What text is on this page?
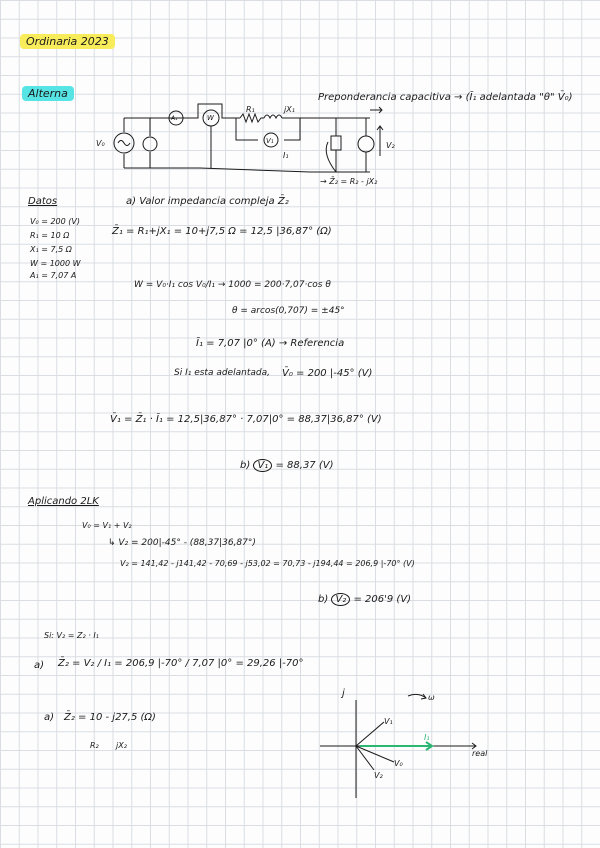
Ordinaria 2023
Alterna	Preponderancia capacitiva → (Ī₁ adelantada "θ" V̄₀)
V₀
R₁	jX₁
W
A₁
V₁
I₁
V₂
→ Z̄₂ = R₂ - jX₂
Datos
V₀ = 200 (V)
R₁ = 10 Ω
X₁ = 7,5 Ω
W = 1000 W
A₁ = 7,07 A
a) Valor impedancia compleja Z̄₂
Z̄₁ = R₁+jX₁ = 10+j7,5 Ω = 12,5 |36,87° (Ω)
W = V₀·I₁ cos V₀/I₁ → 1000 = 200·7,07·cos θ
θ = arcos(0,707) = ±45°
Ī₁ = 7,07 |0° (A) → Referencia
Si I₁ esta adelantada, V̄₀ = 200 |-45° (V)
V̄₁ = Z̄₁ · Ī₁ = 12,5|36,87° · 7,07|0° = 88,37|36,87° (V)
b) V₁ = 88,37 (V)
Aplicando 2LK
V₀ = V₁ + V₂
↳ V₂ = 200|-45° - (88,37|36,87°)
V₂ = 141,42 - j141,42 - 70,69 - j53,02 = 70,73 - j194,44 = 206,9 |-70° (V)
b) V₂ = 206'9 (V)
Si: V₂ = Z₂ · I₁
a) Z̄₂ = V₂ / I₁ = 206,9 |-70° / 7,07 |0° = 29,26 |-70°
a) Z̄₂ = 10 - j27,5 (Ω)
R₂ jX₂
j
real
ω
V₁
I₁
V₀
V₂
